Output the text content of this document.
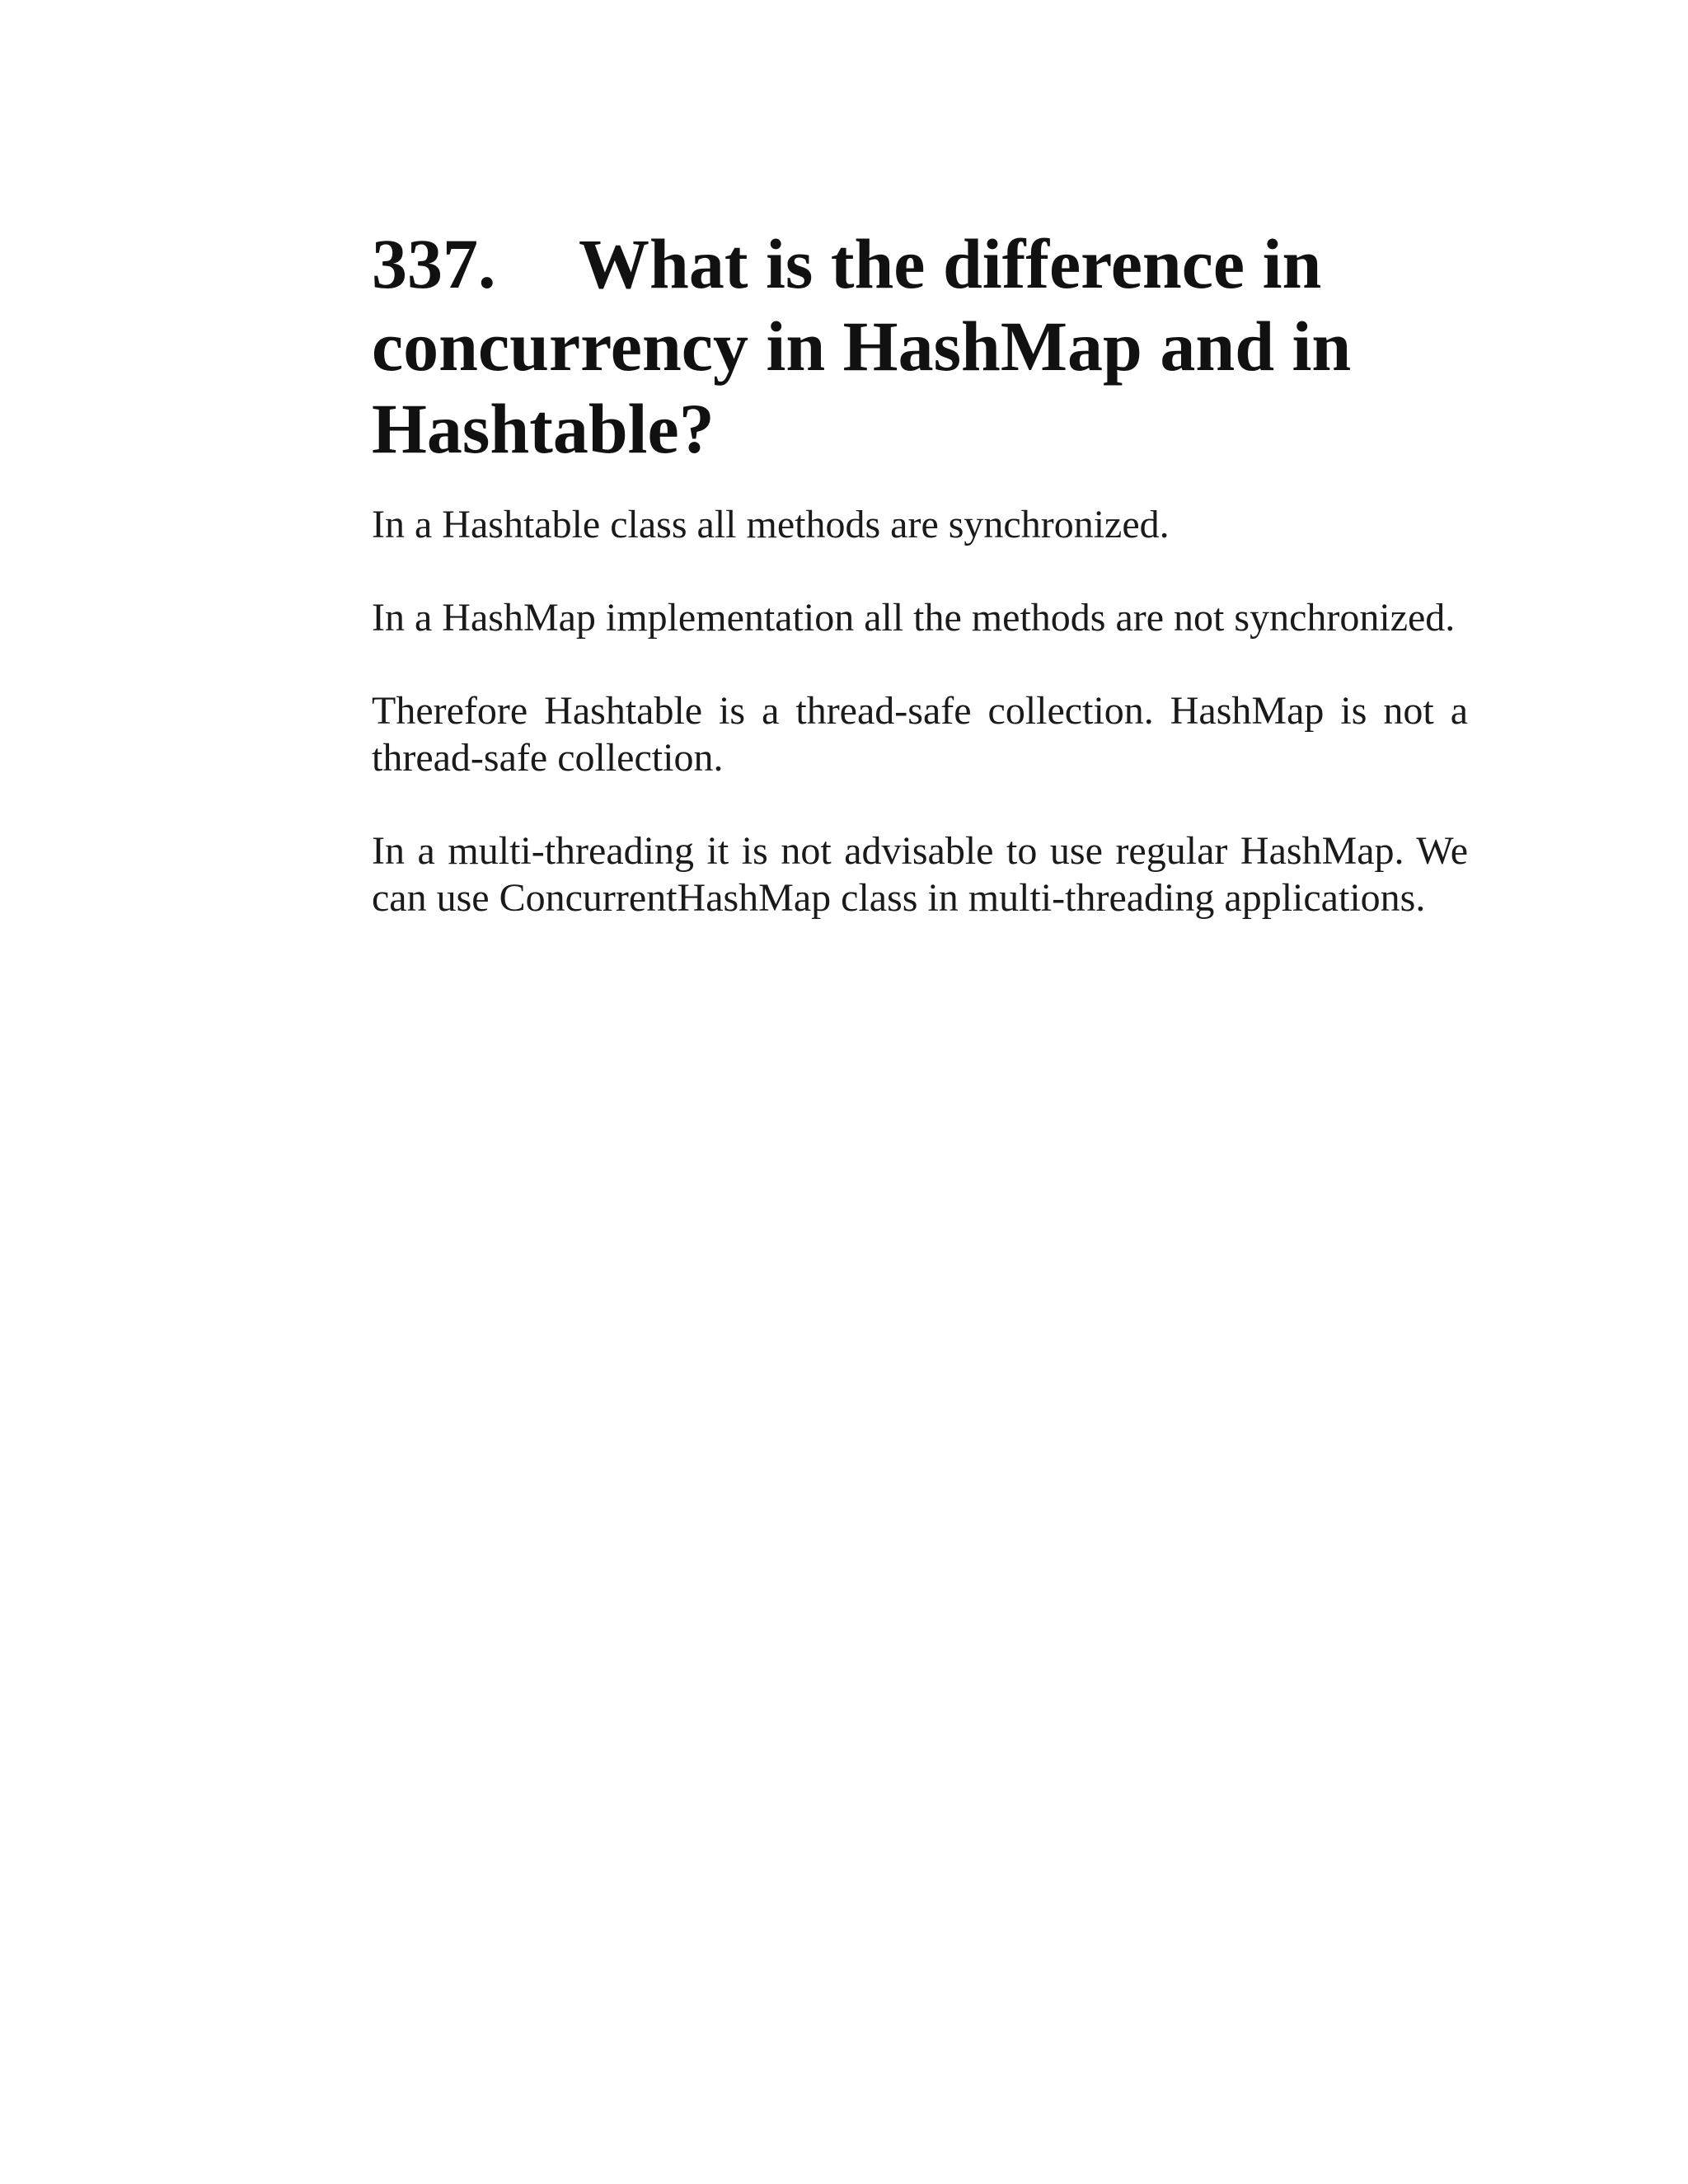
337. What is the difference in
concurrency in HashMap and in
Hashtable?

In a Hashtable class all methods are synchronized.

In a HashMap implementation all the methods are not synchronized.

Therefore Hashtable is a thread-safe collection. HashMap is not a thread-safe collection.

In a multi-threading it is not advisable to use regular HashMap. We can use ConcurrentHashMap class in multi-threading applications.
